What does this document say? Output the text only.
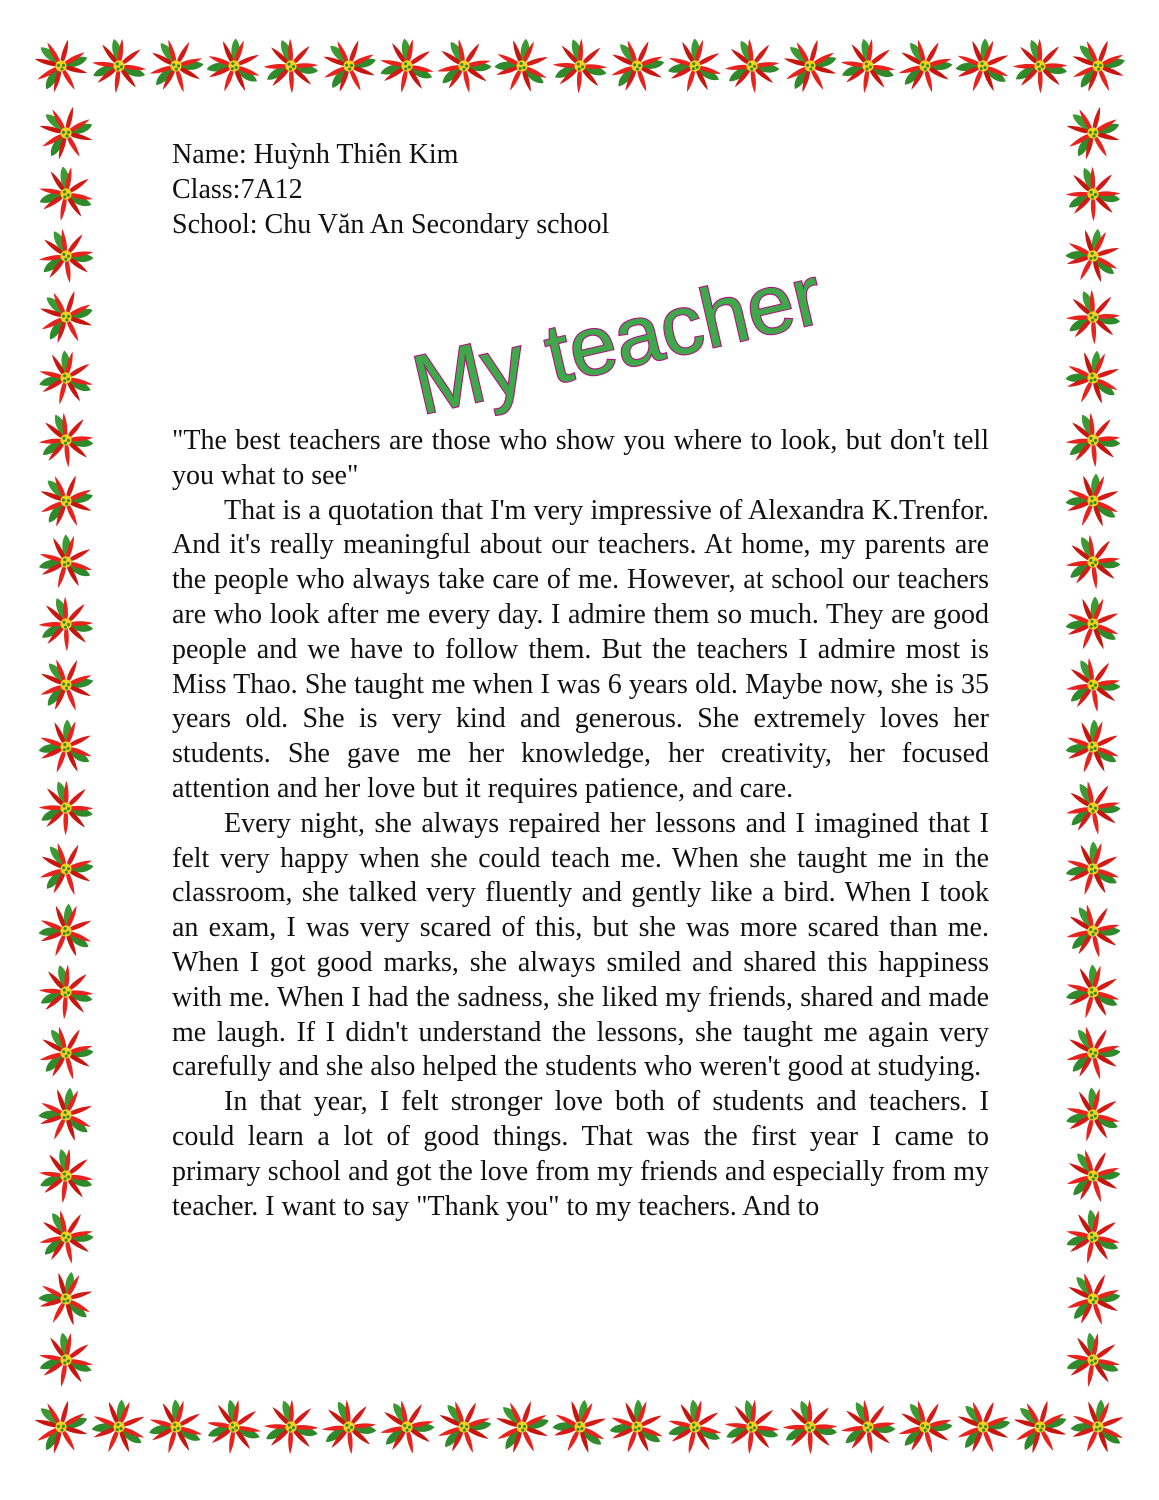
Name: Huỳnh Thiên Kim
Class:7A12
School: Chu Văn An Secondary school
My teacher

"The best teachers are those who show you where to look, but don't tell you what to see"

That is a quotation that I'm very impressive of Alexandra K.Trenfor. And it's really meaningful about our teachers. At home, my parents are the people who always take care of me. However, at school our teachers are who look after me every day. I admire them so much. They are good people and we have to follow them. But the teachers I admire most is Miss Thao. She taught me when I was 6 years old. Maybe now, she is 35 years old. She is very kind and generous. She extremely loves her students. She gave me her knowledge, her creativity, her focused attention and her love but it requires patience, and care.

Every night, she always repaired her lessons and I imagined that I felt very happy when she could teach me. When she taught me in the classroom, she talked very fluently and gently like a bird. When I took an exam, I was very scared of this, but she was more scared than me. When I got good marks, she always smiled and shared this happiness with me. When I had the sadness, she liked my friends, shared and made me laugh. If I didn't understand the lessons, she taught me again very carefully and she also helped the students who weren't good at studying.

In that year, I felt stronger love both of students and teachers. I could learn a lot of good things. That was the first year I came to primary school and got the love from my friends and especially from my teacher. I want to say "Thank you" to my teachers. And to
